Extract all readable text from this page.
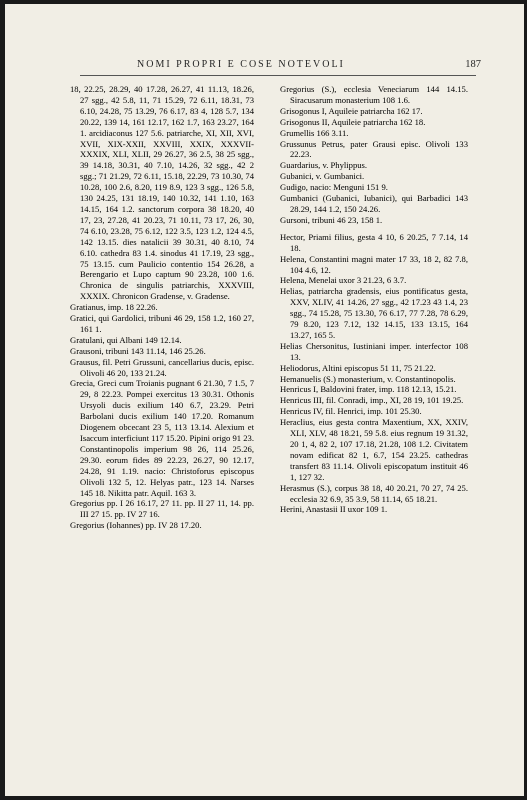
NOMI PROPRI E COSE NOTEVOLI	187
18, 22.25, 28.29, 40 17.28, 26.27, 41 11.13, 18.26, 27 sgg., 42 5.8, 11, 71 15.29, 72 6.11, 18.31, 73 6.10, 24.28, 75 13.29, 76 6.17, 83 4, 128 5.7, 134 20.22, 139 14, 161 12.17, 162 1.7, 163 23.27, 164 1. arcidiaconus 127 5.6. patriarche, XI, XII, XVI, XVII, XIX-XXII, XXVIII, XXIX, XXXVII-XXXIX, XLI, XLII, 29 26.27, 36 2.5, 38 25 sgg., 39 14.18, 30.31, 40 7.10, 14.26, 32 sgg., 42 2 sgg.; 71 21.29, 72 6.11, 15.18, 22.29, 73 10.30, 74 10.28, 100 2.6, 8.20, 119 8.9, 123 3 sgg., 126 5.8, 130 24.25, 131 18.19, 140 10.32, 141 1.10, 163 14.15, 164 1.2. sanctorum corpora 38 18.20, 40 17, 23, 27.28, 41 20.23, 71 10.11, 73 17, 26, 30, 74 6.10, 23.28, 75 6.12, 122 3.5, 123 1.2, 124 4.5, 142 13.15. dies natalicii 39 30.31, 40 8.10, 74 6.10. cathedra 83 1.4. sinodus 41 17.19, 23 sgg., 75 13.15. cum Paulicio contentio 154 26.28, a Berengario et Lupo captum 90 23.28, 100 1.6. Chronica de singulis patriarchis, XXXVIII, XXXIX. Chronicon Gradense, v. Gradense.
Gratianus, imp. 18 22.26.
Gratici, qui Gardolici, tribuni 46 29, 158 1.2, 160 27, 161 1.
Gratulani, qui Albani 149 12.14.
Grausoni, tribuni 143 11.14, 146 25.26.
Grausus, fil. Petri Grussuni, cancellarius ducis, episc. Olivoli 46 20, 133 21.24.
Grecia, Greci cum Troianis pugnant 6 21.30, 7 1.5, 7 29, 8 22.23. Pompei exercitus 13 30.31. Othonis Ursyoli ducis exilium 140 6.7, 23.29. Petri Barbolani ducis exilium 140 17.20. Romanum Diogenem obcecant 23 5, 113 13.14. Alexium et Isaccum interficiunt 117 15.20. Pipini origo 91 23. Constantinopolis imperium 98 26, 114 25.26, 29.30. eorum fides 89 22.23, 26.27, 90 12.17, 24.28, 91 1.19. nacio: Christoforus episcopus Olivoli 132 5, 12. Helyas patr., 123 14. Narses 145 18. Nikitta patr. Aquil. 163 3.
Gregorius pp. I 26 16.17, 27 11. pp. II 27 11, 14. pp. III 27 15. pp. IV 27 16.
Gregorius (Iohannes) pp. IV 28 17.20.
Gregorius (S.), ecclesia Veneciarum 144 14.15. Siracusarum monasterium 108 1.6.
Grisogonus I, Aquileie patriarcha 162 17.
Grisogonus II, Aquileie patriarcha 162 18.
Grumellis 166 3.11.
Grussunus Petrus, pater Grausi episc. Olivoli 133 22.23.
Guardarius, v. Phylippus.
Gubanici, v. Gumbanici.
Gudigo, nacio: Menguni 151 9.
Gumbanici (Gubanici, Iubanici), qui Barbadici 143 28.29, 144 1.2, 150 24.26.
Gursoni, tribuni 46 23, 158 1.
Hector, Priami filius, gesta 4 10, 6 20.25, 7 7.14, 14 18.
Helena, Constantini magni mater 17 33, 18 2, 82 7.8, 104 4.6, 12.
Helena, Menelai uxor 3 21.23, 6 3.7.
Helias, patriarcha gradensis, eius pontificatus gesta, XXV, XLIV, 41 14.26, 27 sgg., 42 17.23 43 1.4, 23 sgg., 74 15.28, 75 13.30, 76 6.17, 77 7.28, 78 6.29, 79 8.20, 123 7.12, 132 14.15, 133 13.15, 164 13.27, 165 5.
Helias Chersonitus, Iustiniani imper. interfector 108 13.
Heliodorus, Altini episcopus 51 11, 75 21.22.
Hemanuelis (S.) monasterium, v. Constantinopolis.
Henricus I, Baldovini frater, imp. 118 12.13, 15.21.
Henricus III, fil. Conradi, imp., XI, 28 19, 101 19.25.
Henricus IV, fil. Henrici, imp. 101 25.30.
Heraclius, eius gesta contra Maxentium, XX, XXIV, XLI, XLV, 48 18.21, 59 5.8. eius regnum 19 31.32, 20 1, 4, 82 2, 107 17.18, 21.28, 108 1.2. Civitatem novam edificat 82 1, 6.7, 154 23.25. cathedras transfert 83 11.14. Olivoli episcopatum instituit 46 1, 127 32.
Herasmus (S.), corpus 38 18, 40 20.21, 70 27, 74 25. ecclesia 32 6.9, 35 3.9, 58 11.14, 65 18.21.
Herini, Anastasii II uxor 109 1.
